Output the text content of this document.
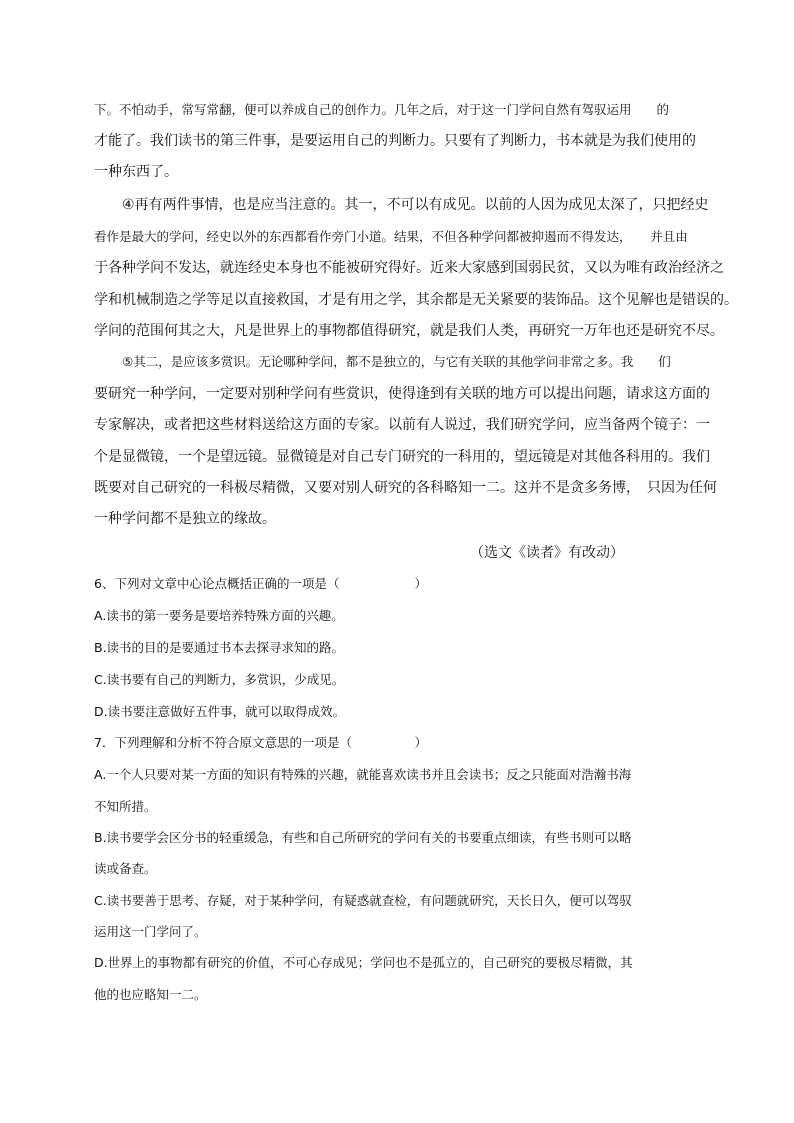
下。不怕动手，常写常翻，便可以养成自己的创作力。几年之后，对于这一门学问自然有驾驭运用　　的
才能了。我们读书的第三件事，是要运用自己的判断力。只要有了判断力，书本就是为我们使用的
一种东西了。
④再有两件事情，也是应当注意的。其一，不可以有成见。以前的人因为成见太深了，只把经史
看作是最大的学问，经史以外的东西都看作旁门小道。结果，不但各种学问都被抑遏而不得发达，　　并且由
于各种学问不发达，就连经史本身也不能被研究得好。近来大家感到国弱民贫，又以为唯有政治经济之
学和机械制造之学等足以直接救国，才是有用之学，其余都是无关紧要的装饰品。这个见解也是错误的。
学问的范围何其之大，凡是世界上的事物都值得研究，就是我们人类，再研究一万年也还是研究不尽。
⑤其二，是应该多赏识。无论哪种学问，都不是独立的，与它有关联的其他学问非常之多。我　　们
要研究一种学问，一定要对别种学问有些赏识，使得逢到有关联的地方可以提出问题，请求这方面的
专家解决，或者把这些材料送给这方面的专家。以前有人说过，我们研究学问，应当备两个镜子：一
个是显微镜，一个是望远镜。显微镜是对自己专门研究的一科用的，望远镜是对其他各科用的。我们
既要对自己研究的一科极尽精微，又要对别人研究的各科略知一二。这并不是贪多务博，　只因为任何
一种学问都不是独立的缘故。
（选文《读者》有改动）
6、下列对文章中心论点概括正确的一项是（　　　　　　）
A.读书的第一要务是要培养特殊方面的兴趣。
B.读书的目的是要通过书本去探寻求知的路。
C.读书要有自己的判断力，多赏识，少成见。
D.读书要注意做好五件事，就可以取得成效。
7．下列理解和分析不符合原文意思的一项是（　　　　　）
A.一个人只要对某一方面的知识有特殊的兴趣，就能喜欢读书并且会读书；反之只能面对浩瀚书海
不知所措。
B.读书要学会区分书的轻重缓急，有些和自己所研究的学问有关的书要重点细读，有些书则可以略
读或备查。
C.读书要善于思考、存疑，对于某种学问，有疑惑就查检，有问题就研究，天长日久，便可以驾驭
运用这一门学问了。
D.世界上的事物都有研究的价值，不可心存成见；学问也不是孤立的，自己研究的要极尽精微，其
他的也应略知一二。
